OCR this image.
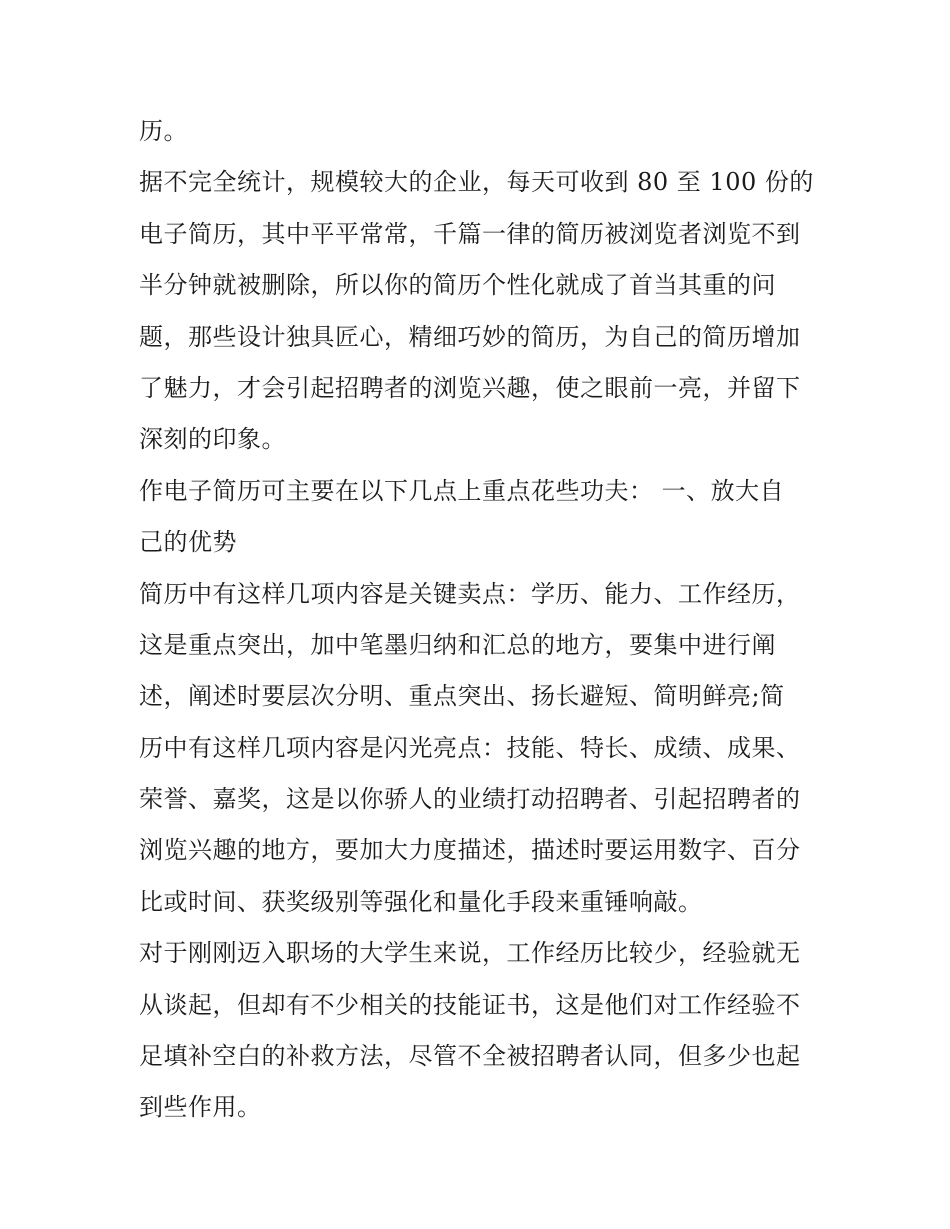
历。
据不完全统计，规模较大的企业，每天可收到 80 至 100 份的
电子简历，其中平平常常，千篇一律的简历被浏览者浏览不到
半分钟就被删除，所以你的简历个性化就成了首当其重的问
题，那些设计独具匠心，精细巧妙的简历，为自己的简历增加
了魅力，才会引起招聘者的浏览兴趣，使之眼前一亮，并留下
深刻的印象。
作电子简历可主要在以下几点上重点花些功夫： 一、放大自
己的优势
简历中有这样几项内容是关键卖点：学历、能力、工作经历，
这是重点突出，加中笔墨归纳和汇总的地方，要集中进行阐
述，阐述时要层次分明、重点突出、扬长避短、简明鲜亮;简
历中有这样几项内容是闪光亮点：技能、特长、成绩、成果、
荣誉、嘉奖，这是以你骄人的业绩打动招聘者、引起招聘者的
浏览兴趣的地方，要加大力度描述，描述时要运用数字、百分
比或时间、获奖级别等强化和量化手段来重锤响敲。
对于刚刚迈入职场的大学生来说，工作经历比较少，经验就无
从谈起，但却有不少相关的技能证书，这是他们对工作经验不
足填补空白的补救方法，尽管不全被招聘者认同，但多少也起
到些作用。
